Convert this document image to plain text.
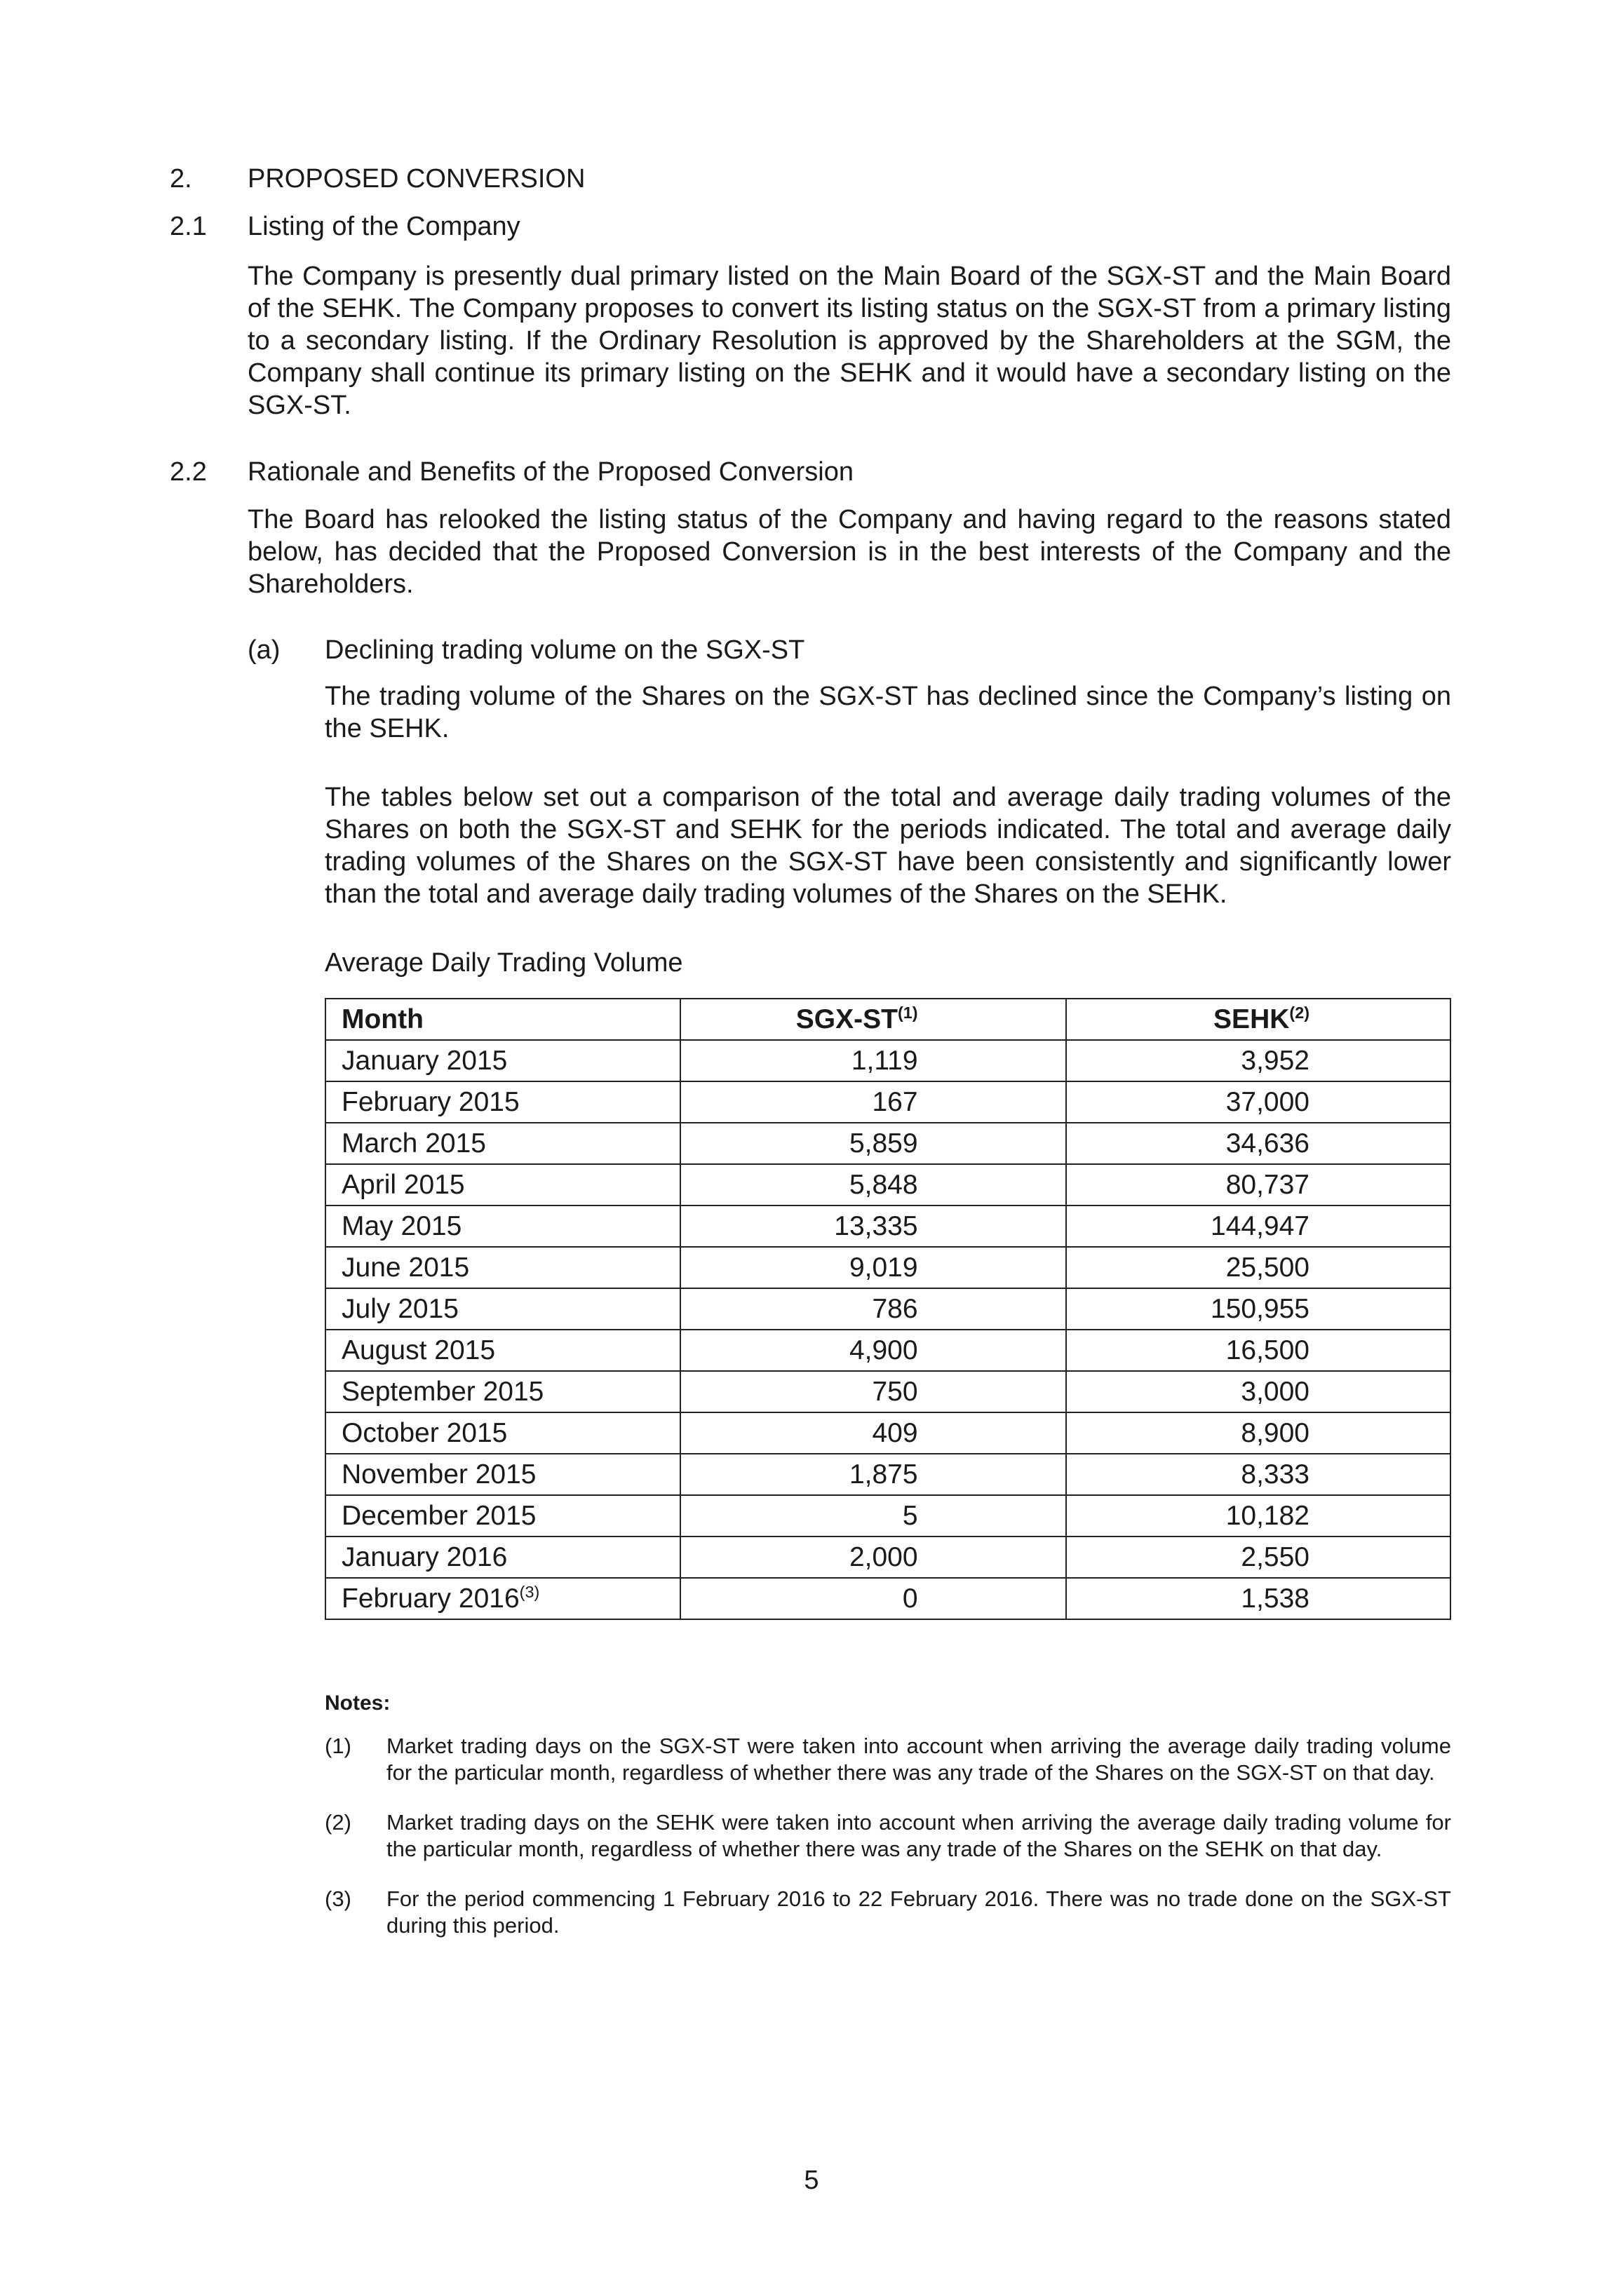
2. PROPOSED CONVERSION
2.1 Listing of the Company

The Company is presently dual primary listed on the Main Board of the SGX-ST and the Main Board of the SEHK. The Company proposes to convert its listing status on the SGX-ST from a primary listing to a secondary listing. If the Ordinary Resolution is approved by the Shareholders at the SGM, the Company shall continue its primary listing on the SEHK and it would have a secondary listing on the SGX-ST.

2.2 Rationale and Benefits of the Proposed Conversion

The Board has relooked the listing status of the Company and having regard to the reasons stated below, has decided that the Proposed Conversion is in the best interests of the Company and the Shareholders.

(a) Declining trading volume on the SGX-ST

The trading volume of the Shares on the SGX-ST has declined since the Company’s listing on the SEHK.

The tables below set out a comparison of the total and average daily trading volumes of the Shares on both the SGX-ST and SEHK for the periods indicated. The total and average daily trading volumes of the Shares on the SGX-ST have been consistently and significantly lower than the total and average daily trading volumes of the Shares on the SEHK.

Average Daily Trading Volume
Month	SGX-ST$^{(1)}$	SEHK$^{(2)}$
January 2015	1,119	3,952
February 2015	167	37,000
March 2015	5,859	34,636
April 2015	5,848	80,737
May 2015	13,335	144,947
June 2015	9,019	25,500
July 2015	786	150,955
August 2015	4,900	16,500
September 2015	750	3,000
October 2015	409	8,900
November 2015	1,875	8,333
December 2015	5	10,182
January 2016	2,000	2,550
February 2016$^{(3)}$	0	1,538
Notes:
(1) Market trading days on the SGX-ST were taken into account when arriving the average daily trading volume for the particular month, regardless of whether there was any trade of the Shares on the SGX-ST on that day.

(2) Market trading days on the SEHK were taken into account when arriving the average daily trading volume for the particular month, regardless of whether there was any trade of the Shares on the SEHK on that day.

(3) For the period commencing 1 February 2016 to 22 February 2016. There was no trade done on the SGX-ST during this period.

5
